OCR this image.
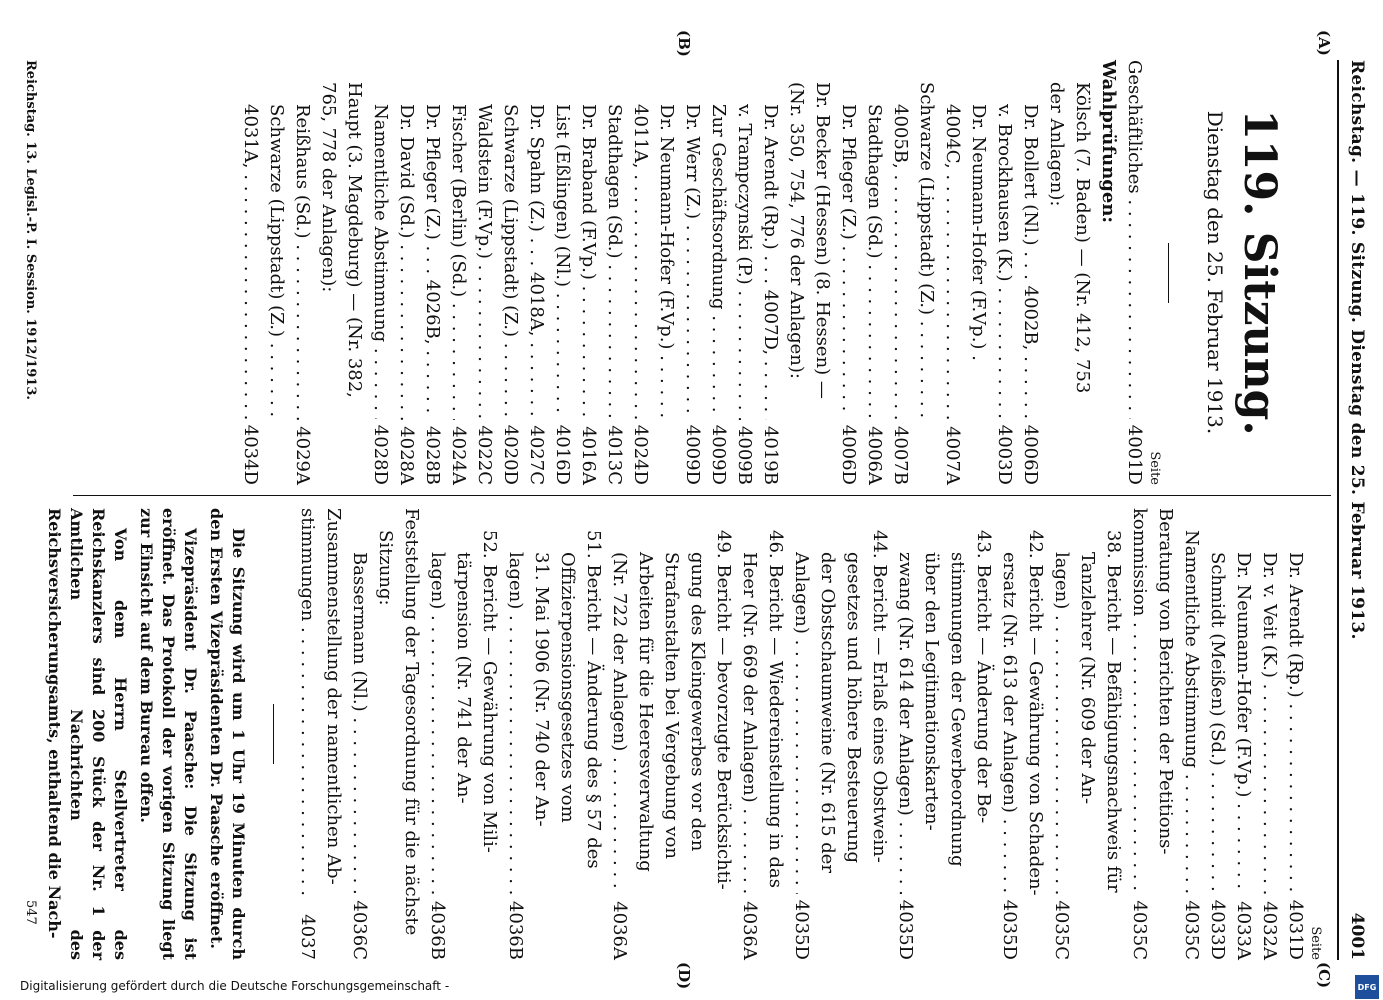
Reichstag. — 119. Sitzung. Dienstag den 25. Februar 1913.
4001
(A)
(B)
(C)
(D)
119. Sitzung.
Dienstag den 25. Februar 1913.
Seite
Geschäftliches . . .
4001D
Wahlprüfungen:
Kölsch (7. Baden) — (Nr. 412, 753
der Anlagen):
Dr. Bollert (Nl.) . . . 4002B, . . .
4006D
v. Brockhausen (K.) . . .
4003D
Dr. Neumann-Hofer (F.Vp.) .
4004C, . . .
4007A
Schwarze (Lippstadt) (Z.) . . .
4005B, . . .
4007B
Stadthagen (Sd.) . . .
4006A
Dr. Pfleger (Z.) . . .
4006D
Dr. Becker (Hessen) (8. Hessen) —
(Nr. 350, 754, 776 der Anlagen):
Dr. Arendt (Rp.) . . . 4007D, . . .
4019B
v. Trampczynski (P.) . . .
4009B
Zur Geschäftsordnung . . .
4009D
Dr. Werr (Z.) . . .
4009D
Dr. Neumann-Hofer (F.Vp.) . . .
4011A, . . .
4024D
Stadthagen (Sd.) . . .
4013C
Dr. Braband (F.Vp.) . . .
4016A
List (Eßlingen) (Nl.) . . .
4016D
Dr. Spahn (Z.) . . . 4018A, . . .
4027C
Schwarze (Lippstadt) (Z.) . . .
4020D
Waldstein (F.Vp.) . . .
4022C
Fischer (Berlin) (Sd.) . . .
4024A
Dr. Pfleger (Z.) . . . 4026B, . . .
4028B
Dr. David (Sd.) . . .
4028A
Namentliche Abstimmung . . .
4028D
Haupt (3. Magdeburg) — (Nr. 382,
765, 778 der Anlagen):
Reißhaus (Sd.) . . .
4029A
Schwarze (Lippstadt) (Z.) . . .
4031A, . . .
4034D
Seite
Dr. Arendt (Rp.) . . .
4031D
Dr. v. Veit (K.) . . .
4032A
Dr. Neumann-Hofer (F.Vp.) . . .
4033A
Schmidt (Meißen) (Sd.) . . .
4033D
Namentliche Abstimmung . . .
4035C
Beratung von Berichten der Petitions-
kommission . . .
4035C
38. Bericht — Befähigungsnachweis für
Tanzlehrer (Nr. 609 der An-
lagen) . . .
4035C
42. Bericht — Gewährung von Schaden-
ersatz (Nr. 613 der Anlagen) . . .
4035D
43. Bericht — Änderung der Be-
stimmungen der Gewerbeordnung
über den Legitimationskarten-
zwang (Nr. 614 der Anlagen) . . .
4035D
44. Bericht — Erlaß eines Obstwein-
gesetzes und höhere Besteuerung
der Obstschaumweine (Nr. 615 der
Anlagen) . . .
4035D
46. Bericht — Wiedereinstellung in das
Heer (Nr. 669 der Anlagen) . . .
4036A
49. Bericht — bevorzugte Berücksichti-
gung des Kleingewerbes vor den
Strafanstalten bei Vergebung von
Arbeiten für die Heeresverwaltung
(Nr. 722 der Anlagen) . . .
4036A
51. Bericht — Änderung des § 57 des
Offizierpensionsgesetzes vom
31. Mai 1906 (Nr. 740 der An-
lagen) . . .
4036B
52. Bericht — Gewährung von Mili-
tärpension (Nr. 741 der An-
lagen) . . .
4036B
Feststellung der Tagesordnung für die nächste
Sitzung:
Bassermann (Nl.) . . .
4036C
Zusammenstellung der namentlichen Ab-
stimmungen . . .
4037
Die Sitzung wird um 1 Uhr 19 Minuten durch den Ersten Vizepräsidenten Dr. Paasche eröffnet.
Vizepräsident Dr. Paasche: Die Sitzung ist eröffnet. Das Protokoll der vorigen Sitzung liegt zur Einsicht auf dem Bureau offen.
Von dem Herrn Stellvertreter des Reichskanzlers sind 200 Stück der Nr. 1 der Amtlichen Nachrichten des Reichsversicherungsamts, enthaltend die Nach-
Reichstag. 13. Legisl.-P. I. Session. 1912/1913.
547
Digitalisierung gefördert durch die Deutsche Forschungsgemeinschaft -	DFG
